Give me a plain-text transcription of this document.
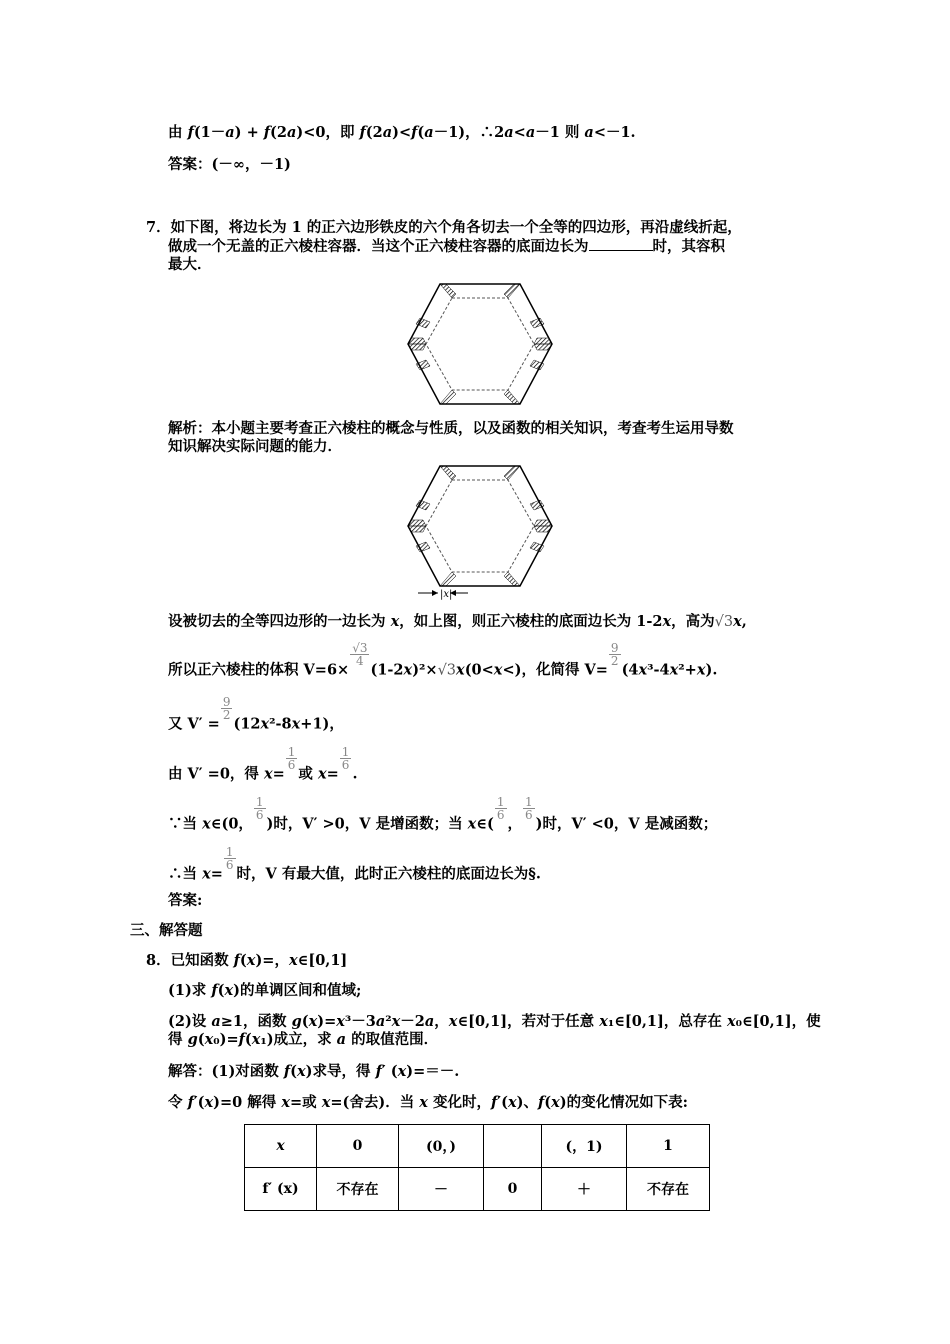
由 f(1－a) + f(2a)<0，即 f(2a)<f(a－1)，∴2a<a－1 则 a<－1.
答案：(－∞，－1)
7．如下图，将边长为 1 的正六边形铁皮的六个角各切去一个全等的四边形，再沿虚线折起，
做成一个无盖的正六棱柱容器．当这个正六棱柱容器的底面边长为	时，其容积
最大．
解析：本小题主要考查正六棱柱的概念与性质，以及函数的相关知识，考查考生运用导数
知识解决实际问题的能力．
|x|
设被切去的全等四边形的一边长为 x，如上图，则正六棱柱的底面边长为 1-2x，高为√3x,
所以正六棱柱的体积 V=6×
$\frac{√3}{4}$
(1-2x)²×√3x(0<x<)，化简得 V=
$\frac{9}{2}$
(4x³-4x²+x).
又 V′ =
$\frac{9}{2}$
(12x²-8x+1)，
由 V′ =0，得 x=
$\frac{1}{6}$
或 x=
$\frac{1}{6}$
.
∵当 x∈(0，
$\frac{1}{6}$
)时，V′ >0，V 是增函数；当 x∈(
$\frac{1}{6}$
，
$\frac{1}{6}$
)时，V′ <0，V 是减函数；
∴当 x=
$\frac{1}{6}$
时，V 有最大值，此时正六棱柱的底面边长为§.
答案:
三、解答题
8．已知函数 f(x)=，x∈[0,1]
(1)求 f(x)的单调区间和值域;
(2)设 a≥1，函数 g(x)=x³－3a²x－2a，x∈[0,1]，若对于任意 x₁∈[0,1]，总存在 x₀∈[0,1]，使
得 g(x₀)=f(x₁)成立，求 a 的取值范围．
解答：(1)对函数 f(x)求导，得 f′ (x)=＝－.
令 f′(x)=0 解得 x=或 x=(舍去)．当 x 变化时，f′(x)、f(x)的变化情况如下表:
x	0	(0，)		(，1)	1
f′ (x)	不存在	－	0	＋	不存在
